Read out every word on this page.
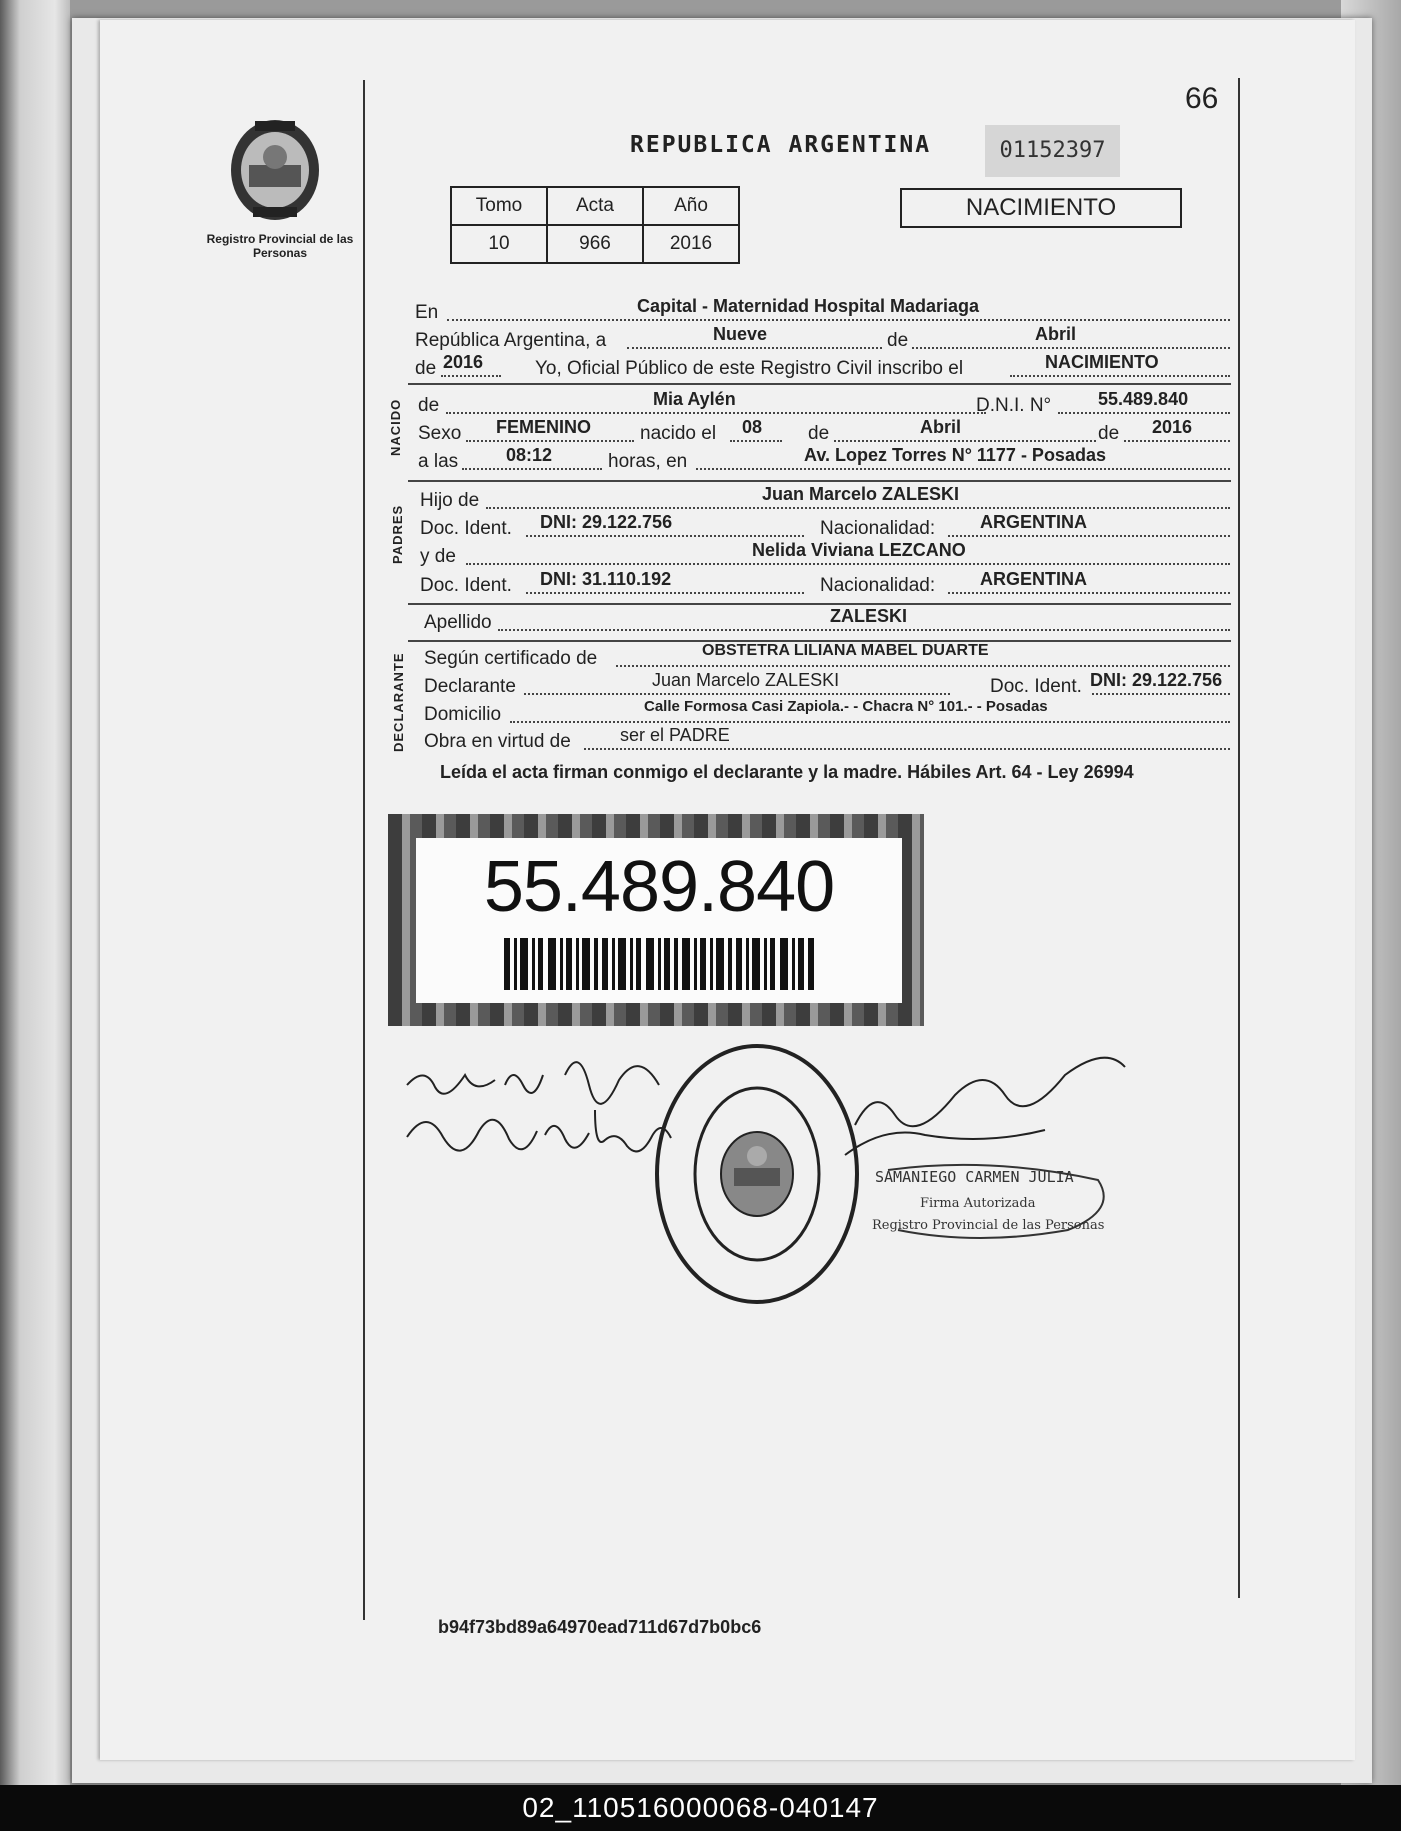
66
Registro Provincial de las Personas
REPUBLICA ARGENTINA	01152397
Tomo	Acta	Año
10	966	2016
NACIMIENTO
En	Capital - Maternidad Hospital Madariaga
República Argentina, a	Nueve	de	Abril
de 2016	Yo, Oficial Público de este Registro Civil inscribo el	NACIMIENTO
NACIDO de	Mia Aylén	D.N.I. N°	55.489.840
Sexo FEMENINO	nacido el 08 de	Abril	de 2016
a las	08:12	horas, en	Av. Lopez Torres N° 1177 - Posadas
PADRES
Hijo de	Juan Marcelo ZALESKI
Doc. Ident. DNI: 29.122.756	Nacionalidad: ARGENTINA
y de	Nelida Viviana LEZCANO
Doc. Ident. DNI: 31.110.192	Nacionalidad: ARGENTINA
Apellido	ZALESKI
DECLARANTE Según certificado de	OBSTETRA LILIANA MABEL DUARTE
Declarante	Juan Marcelo ZALESKI	Doc. Ident. DNI: 29.122.756
Domicilio	Calle Formosa Casi Zapiola.- - Chacra N° 101.- - Posadas
Obra en virtud de	ser el PADRE
Leída el acta firman conmigo el declarante y la madre. Hábiles Art. 64 - Ley 26994
55.489.840
SAMANIEGO CARMEN JULIA
Firma Autorizada
Registro Provincial de las Personas
b94f73bd89a64970ead711d67d7b0bc6
02_110516000068-040147
